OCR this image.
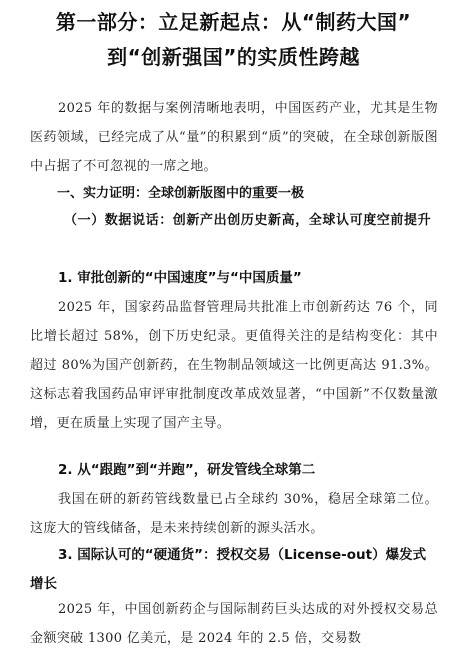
第一部分：立足新起点：从“制药大国”
到“创新强国”的实质性跨越
2025 年的数据与案例清晰地表明，中国医药产业，尤其是生物医药领域，已经完成了从“量”的积累到“质”的突破，在全球创新版图中占据了不可忽视的一席之地。
一、实力证明：全球创新版图中的重要一极
（一）数据说话：创新产出创历史新高，全球认可度空前提升
1. 审批创新的“中国速度”与“中国质量”
2025 年，国家药品监督管理局共批准上市创新药达 76 个，同比增长超过 58%，创下历史纪录。更值得关注的是结构变化：其中超过 80%为国产创新药，在生物制品领域这一比例更高达 91.3%。这标志着我国药品审评审批制度改革成效显著，“中国新”不仅数量激增，更在质量上实现了国产主导。
2. 从“跟跑”到“并跑”，研发管线全球第二
我国在研的新药管线数量已占全球约 30%，稳居全球第二位。这庞大的管线储备，是未来持续创新的源头活水。
3. 国际认可的“硬通货”：授权交易（License-out）爆发式增长
2025 年，中国创新药企与国际制药巨头达成的对外授权交易总金额突破 1300 亿美元，是 2024 年的 2.5 倍，交易数
